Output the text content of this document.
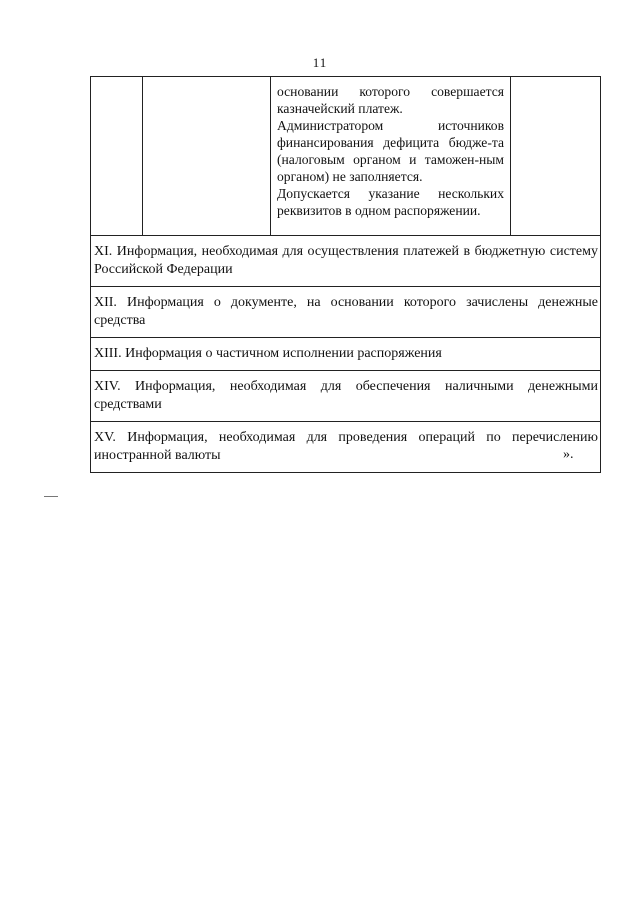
11

основании которого совершается казначейский платеж.

Администратором источников финансирования дефицита бюдже-та (налоговым органом и таможен-ным органом) не заполняется.

Допускается указание нескольких реквизитов в одном распоряжении.

XI. Информация, необходимая для осуществления платежей в бюджетную систему Российской Федерации
XII. Информация о документе, на основании которого зачислены денежные средства
XIII. Информация о частичном исполнении распоряжения
XIV. Информация, необходимая для обеспечения наличными денежными средствами
XV. Информация, необходимая для проведения операций по перечислению иностранной валюты	».
